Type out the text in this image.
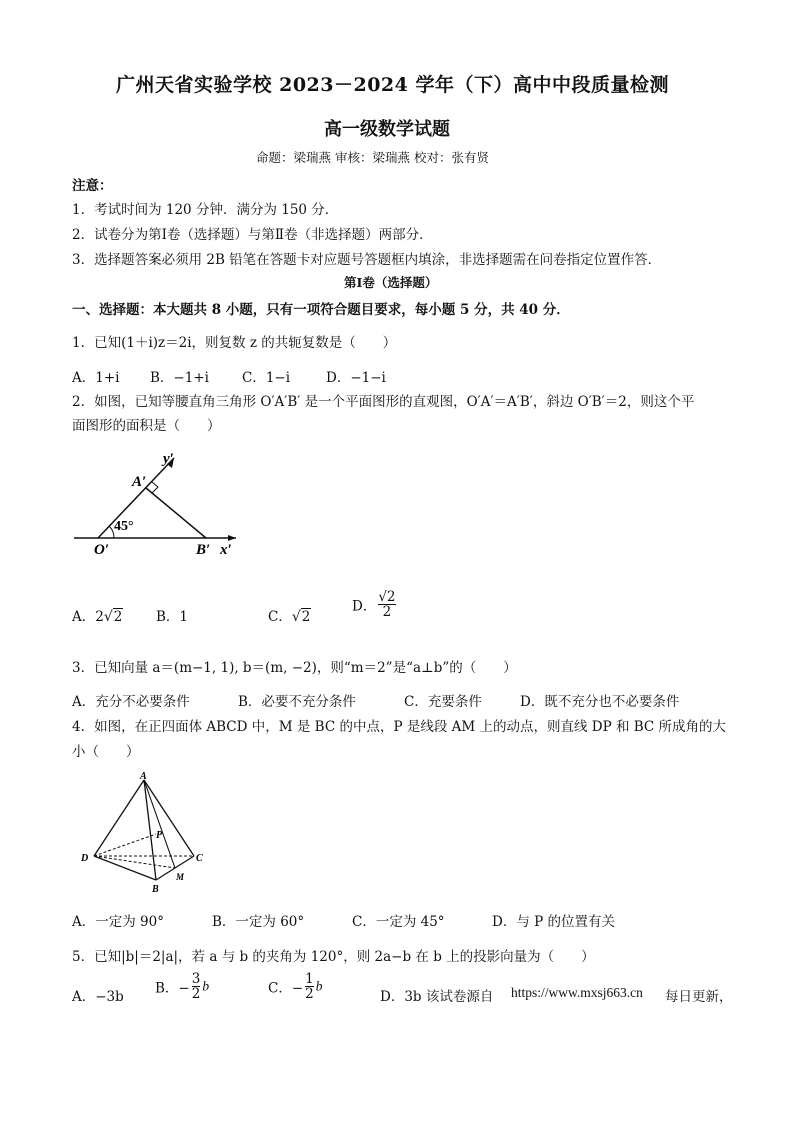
广州天省实验学校 2023－2024 学年（下）高中中段质量检测
高一级数学试题
命题：梁瑞燕 审核：梁瑞燕 校对：张有贤
注意：
1．考试时间为 120 分钟．满分为 150 分．
2．试卷分为第Ⅰ卷（选择题）与第Ⅱ卷（非选择题）两部分．
3．选择题答案必须用 2B 铅笔在答题卡对应题号答题框内填涂，非选择题需在问卷指定位置作答．
第Ⅰ卷（选择题）
一、选择题：本大题共 8 小题，只有一项符合题目要求，每小题 5 分，共 40 分．
1．已知(1＋i)z＝2i，则复数 z 的共轭复数是（　　）
A．1+i B．−1+i C．1−i	D．−1−i
2．如图，已知等腰直角三角形 O′A′B′ 是一个平面图形的直观图，O′A′＝A′B′，斜边 O′B′＝2，则这个平
面图形的面积是（　　）
y′
A′
45°
O′	B′ x′
A．2√2 B．1	C．√2
D． $\frac{√2}{2}$
3．已知向量 a＝(m−1, 1), b＝(m, −2)，则“m＝2”是“a⊥b”的（　　）
A．充分不必要条件	B．必要不充分条件	C．充要条件	D．既不充分也不必要条件
4．如图，在正四面体 ABCD 中，M 是 BC 的中点，P 是线段 AM 上的动点，则直线 DP 和 BC 所成角的大
小（　　）
A
P
D	C
M
B
A．一定为 90°	B．一定为 60°	C．一定为 45°	D．与 P 的位置有关
5．已知|b|＝2|a|，若 a 与 b 的夹角为 120°，则 2a−b 在 b 上的投影向量为（　　）
A．−3b
B．− $\frac{3}{2}$ b	C．− $\frac{1}{2}$ b
D．3b 该试卷源自 https://www.mxsj663.cn 每日更新，
